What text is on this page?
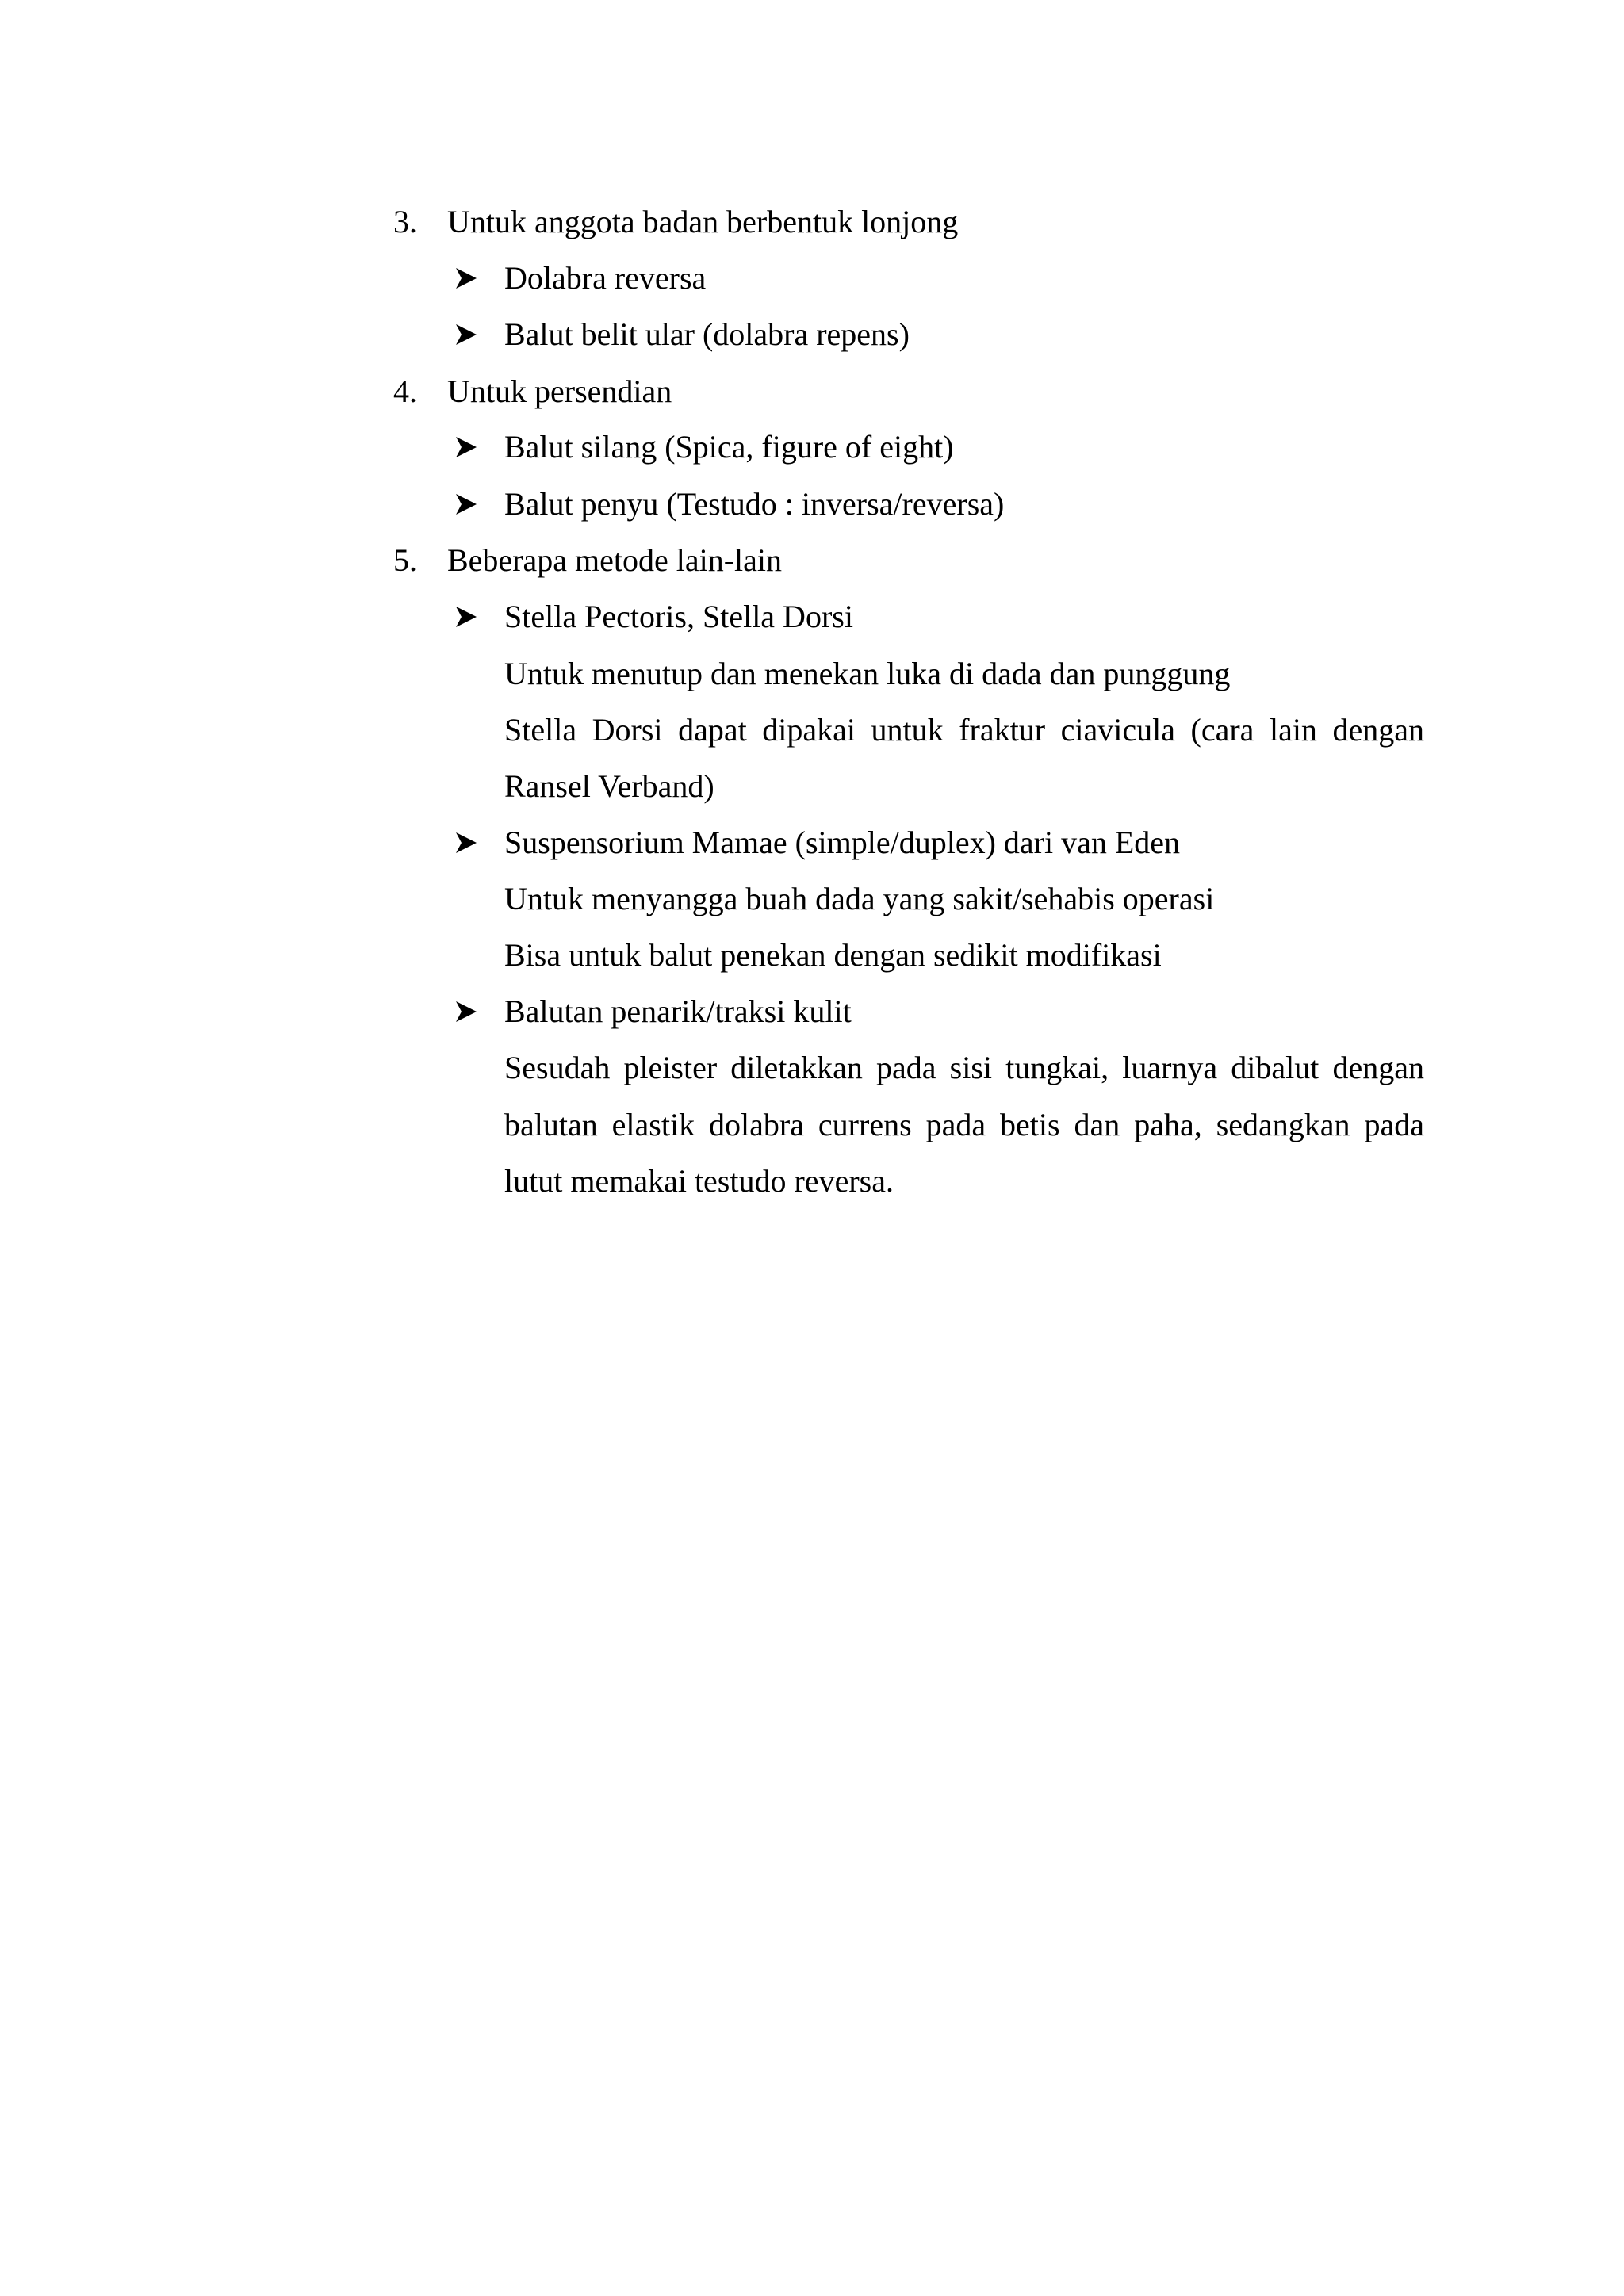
3. Untuk anggota badan berbentuk lonjong
Dolabra reversa
Balut belit ular (dolabra repens)
4. Untuk persendian
Balut silang (Spica, figure of eight)
Balut penyu (Testudo : inversa/reversa)
5. Beberapa metode lain-lain
Stella Pectoris, Stella Dorsi
Untuk menutup dan menekan luka di dada dan punggung
Stella Dorsi dapat dipakai untuk fraktur ciavicula (cara lain dengan
Ransel Verband)
Suspensorium Mamae (simple/duplex) dari van Eden
Untuk menyangga buah dada yang sakit/sehabis operasi
Bisa untuk balut penekan dengan sedikit modifikasi
Balutan penarik/traksi kulit
Sesudah pleister diletakkan pada sisi tungkai, luarnya dibalut dengan
balutan elastik dolabra currens pada betis dan paha, sedangkan pada
lutut memakai testudo reversa.
